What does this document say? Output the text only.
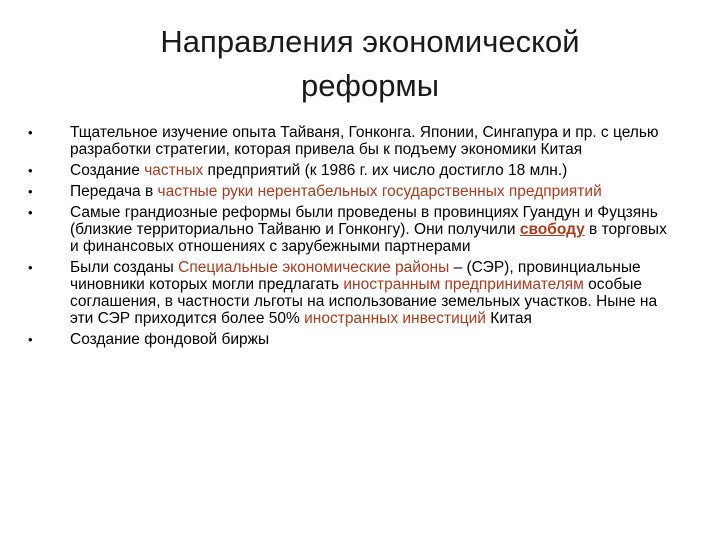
Направления экономической
реформы
•	Тщательное изучение опыта Тайваня, Гонконга. Японии, Сингапура и пр. с целью разработки стратегии, которая привела бы к подъему экономики Китая
•	Создание частных предприятий (к 1986 г. их число достигло 18 млн.)
•	Передача в частные руки нерентабельных государственных предприятий
•	Самые грандиозные реформы были проведены в провинциях Гуандун и Фуцзянь (близкие территориально Тайваню и Гонконгу). Они получили свободу в торговых и финансовых отношениях с зарубежными партнерами
•	Были созданы Специальные экономические районы – (СЭР), провинциальные чиновники которых могли предлагать иностранным предпринимателям особые соглашения, в частности льготы на использование земельных участков. Ныне на эти СЭР приходится более 50% иностранных инвестиций Китая
•	Создание фондовой биржы
